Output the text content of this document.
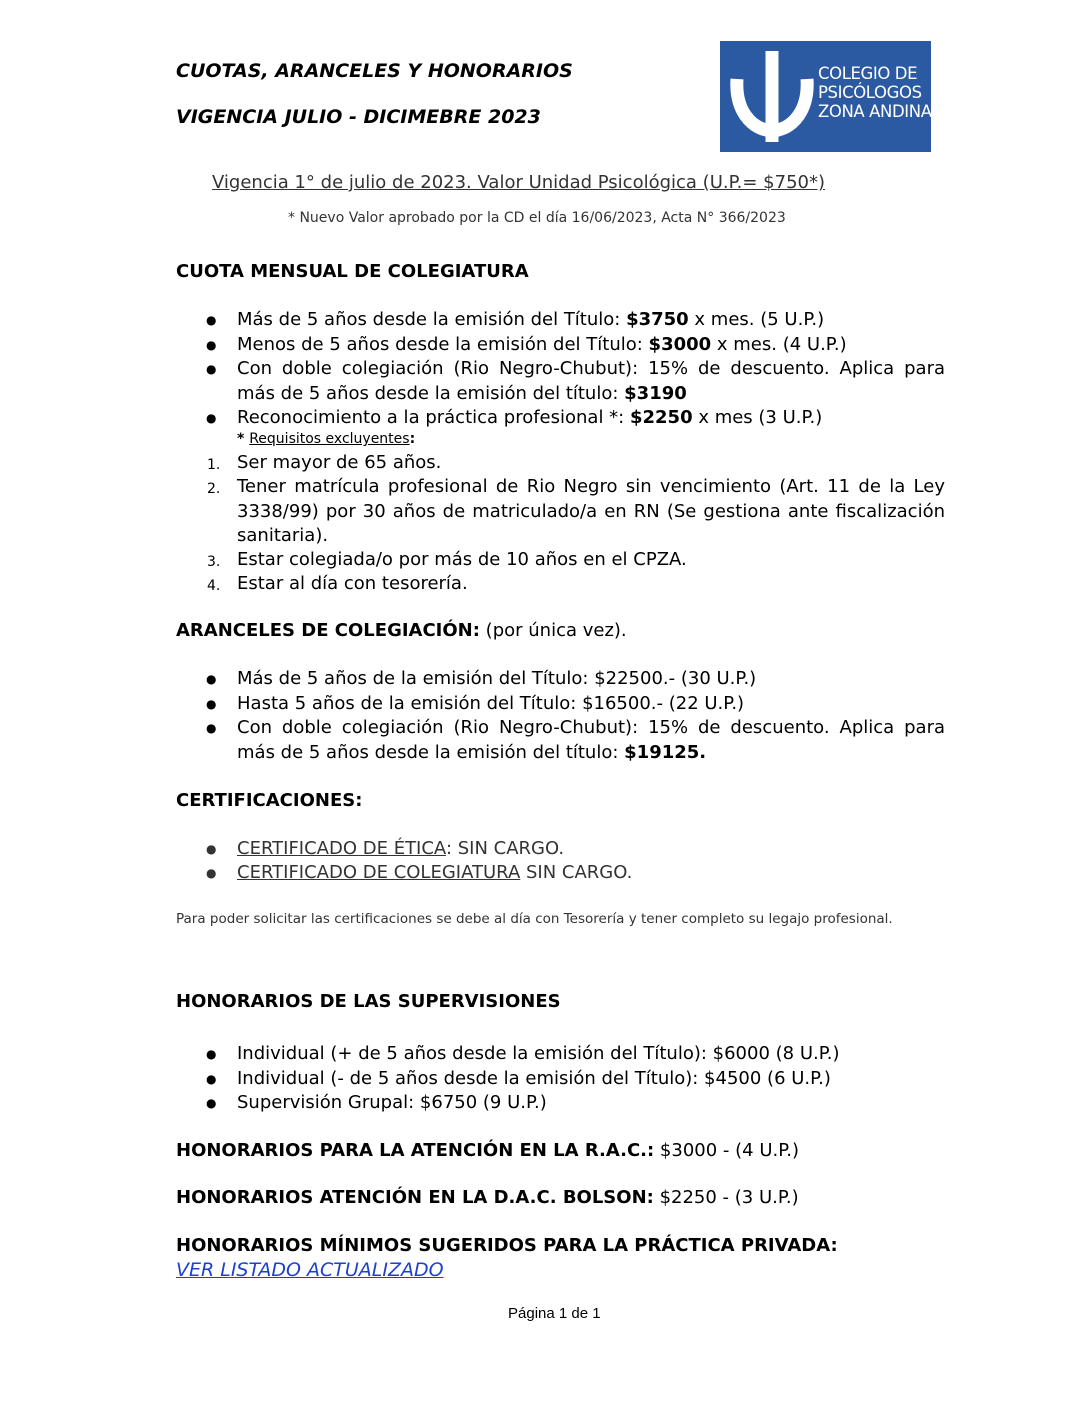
CUOTAS, ARANCELES Y HONORARIOS
VIGENCIA JULIO - DICIMEBRE 2023
COLEGIO DE
PSICÓLOGOS
ZONA ANDINA
Vigencia 1° de julio de 2023. Valor Unidad Psicológica (U.P.= $750*)
* Nuevo Valor aprobado por la CD el día 16/06/2023, Acta N° 366/2023
CUOTA MENSUAL DE COLEGIATURA
● Más de 5 años desde la emisión del Título: $3750 x mes. (5 U.P.)
● Menos de 5 años desde la emisión del Título: $3000 x mes. (4 U.P.)
● Con doble colegiación (Rio Negro-Chubut): 15% de descuento. Aplica para más de 5 años desde la emisión del título: $3190
● Reconocimiento a la práctica profesional *: $2250 x mes (3 U.P.)
* Requisitos excluyentes:
1. Ser mayor de 65 años.
2. Tener matrícula profesional de Rio Negro sin vencimiento (Art. 11 de la Ley 3338/99) por 30 años de matriculado/a en RN (Se gestiona ante fiscalización sanitaria).
3. Estar colegiada/o por más de 10 años en el CPZA.
4. Estar al día con tesorería.
ARANCELES DE COLEGIACIÓN: (por única vez).
● Más de 5 años de la emisión del Título: $22500.- (30 U.P.)
● Hasta 5 años de la emisión del Título: $16500.- (22 U.P.)
● Con doble colegiación (Rio Negro-Chubut): 15% de descuento. Aplica para más de 5 años desde la emisión del título: $19125.
CERTIFICACIONES:
● CERTIFICADO DE ÉTICA: SIN CARGO.
● CERTIFICADO DE COLEGIATURA SIN CARGO.
Para poder solicitar las certificaciones se debe al día con Tesorería y tener completo su legajo profesional.
HONORARIOS DE LAS SUPERVISIONES
● Individual (+ de 5 años desde la emisión del Título): $6000 (8 U.P.)
● Individual (- de 5 años desde la emisión del Título): $4500 (6 U.P.)
● Supervisión Grupal: $6750 (9 U.P.)
HONORARIOS PARA LA ATENCIÓN EN LA R.A.C.: $3000 - (4 U.P.)
HONORARIOS ATENCIÓN EN LA D.A.C. BOLSON: $2250 - (3 U.P.)
HONORARIOS MÍNIMOS SUGERIDOS PARA LA PRÁCTICA PRIVADA:
VER LISTADO ACTUALIZADO
Página 1 de 1
